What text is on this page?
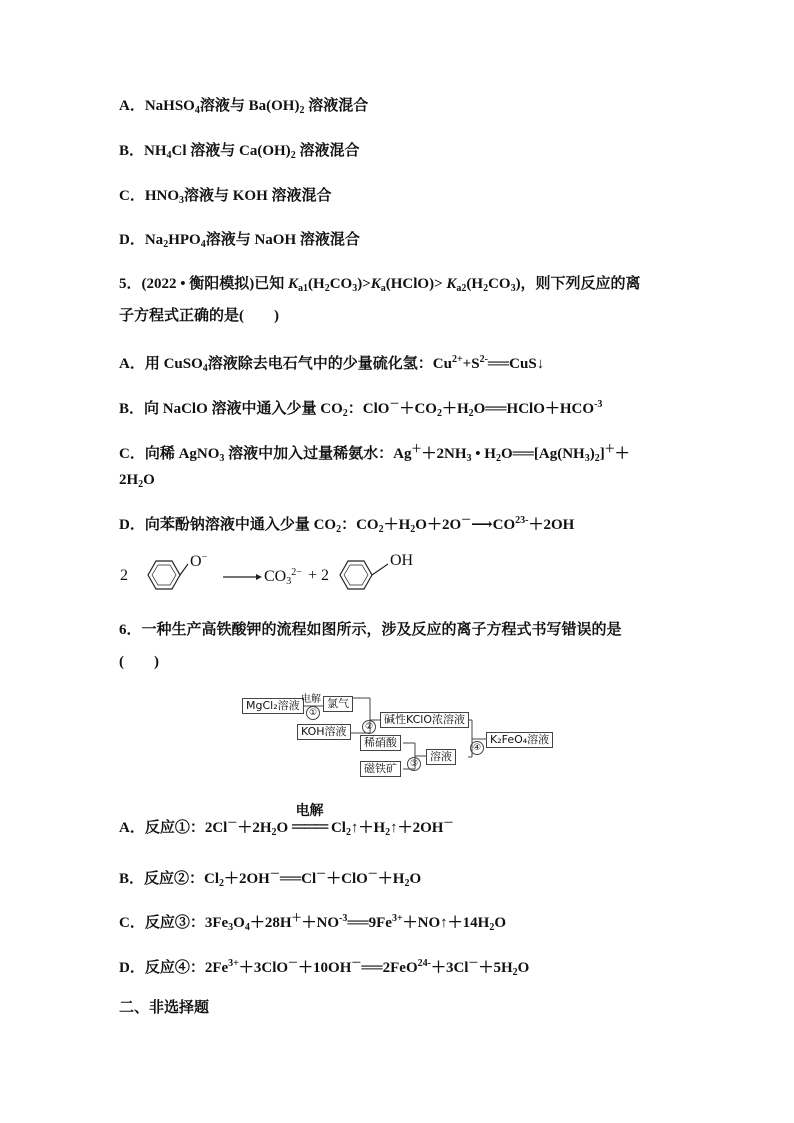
A．NaHSO$_4$溶液与 $Ba(OH)_2$ 溶液混合
B．$NH_4Cl$ 溶液与 $Ca(OH)_2$ 溶液混合
C．$HNO_3$溶液与 KOH 溶液混合
D．$Na_2HPO_4$溶液与 NaOH 溶液混合
5．(2022 • 衡阳模拟)已知 $K_{a1}(H_2CO_3)>K_a(HClO)> K_{a2}(H_2CO_3)$，则下列反应的离
子方程式正确的是(　　)
A．用 CuSO$_4$溶液除去电石气中的少量硫化氢：$Cu^{2+}+S^{2-}══CuS↓$
B．向 NaClO 溶液中通入少量 $CO_2$：$ClO^-+CO_2+H_2O══HClO+HCO^{-3}$
C．向稀 AgNO$_3$ 溶液中加入过量稀氨水：$Ag^++2NH_3$ • $H_2O══[Ag(NH_3)_2]^++$
$2H_2O$
D．向苯酚钠溶液中通入少量 $CO_2$：$CO_2+H_2O+2O^-⟶CO^{23-}+2OH$
2
O−
$CO_3^{2-} + 2$
OH
6．一种生产高铁酸钾的流程如图所示，涉及反应的离子方程式书写错误的是
(　　)
MgCl₂溶液 电解
①
氯气
KOH溶液	②
碱性KClO浓溶液
稀硝酸
磁铁矿	③
溶液
④
K₂FeO₄溶液
A．反应①：$2Cl^-+2H_2O$
电解
═══ $Cl_2↑+H_2↑+2OH^-$
B．反应②：$Cl_2+2OH^-══Cl^-+ClO^-+H_2O$
C．反应③：$3Fe_3O_4+28H^++NO^{-3}══9Fe^{3+}+NO↑+14H_2O$
D．反应④：$2Fe^{3+}+3ClO^-+10OH^-══2FeO^{24-}+3Cl^-+5H_2O$
二、非选择题
